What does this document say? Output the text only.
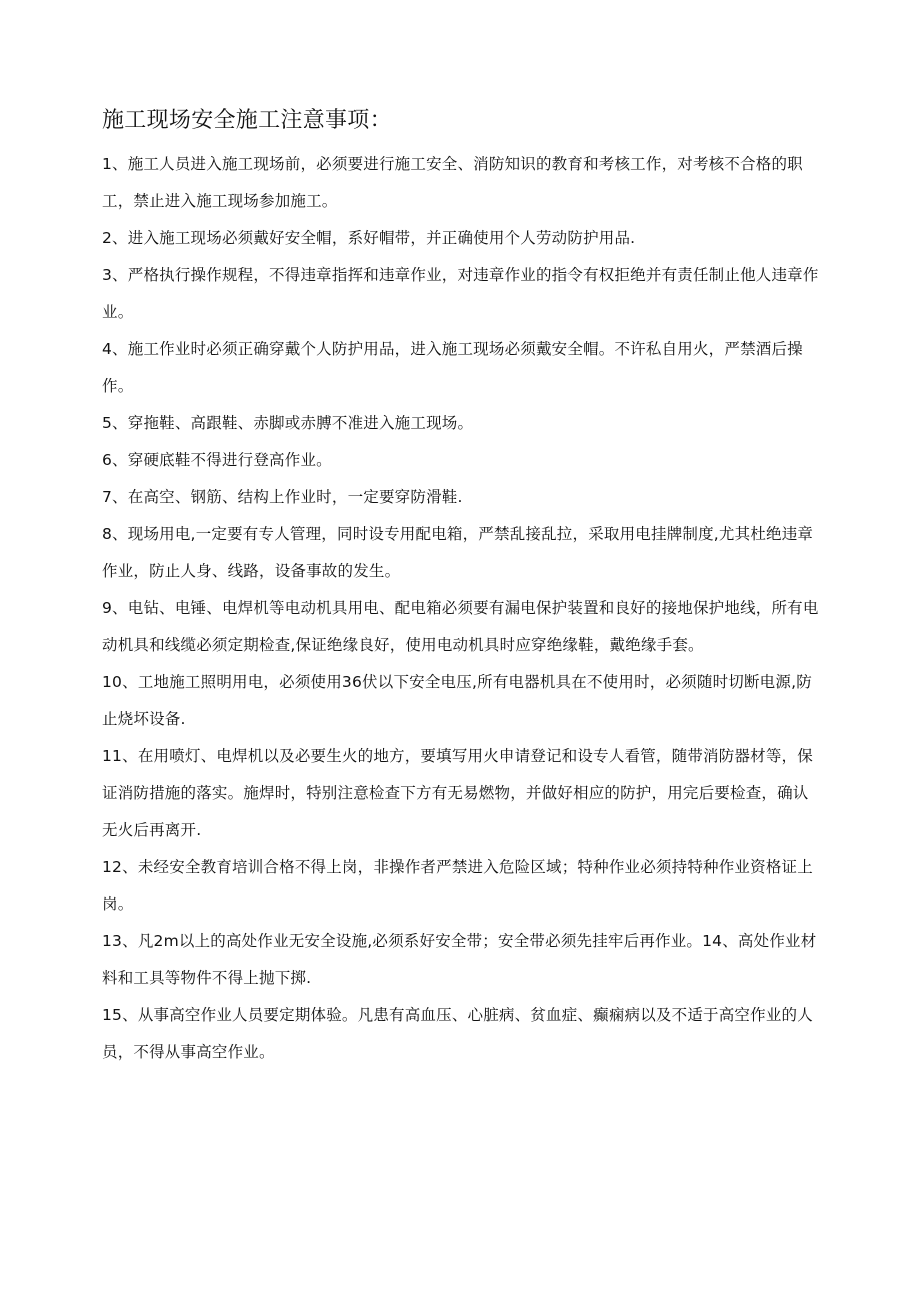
施工现场安全施工注意事项：

1、施工人员进入施工现场前，必须要进行施工安全、消防知识的教育和考核工作，对考核不合格的职工，禁止进入施工现场参加施工。

2、进入施工现场必须戴好安全帽，系好帽带，并正确使用个人劳动防护用品.

3、严格执行操作规程，不得违章指挥和违章作业，对违章作业的指令有权拒绝并有责任制止他人违章作业。

4、施工作业时必须正确穿戴个人防护用品，进入施工现场必须戴安全帽。不许私自用火，严禁酒后操作。

5、穿拖鞋、高跟鞋、赤脚或赤膊不准进入施工现场。

6、穿硬底鞋不得进行登高作业。

7、在高空、钢筋、结构上作业时，一定要穿防滑鞋.

8、现场用电,一定要有专人管理，同时设专用配电箱，严禁乱接乱拉，采取用电挂牌制度,尤其杜绝违章作业，防止人身、线路，设备事故的发生。

9、电钻、电锤、电焊机等电动机具用电、配电箱必须要有漏电保护装置和良好的接地保护地线，所有电动机具和线缆必须定期检查,保证绝缘良好，使用电动机具时应穿绝缘鞋，戴绝缘手套。

10、工地施工照明用电，必须使用36伏以下安全电压,所有电器机具在不使用时，必须随时切断电源,防止烧坏设备.

11、在用喷灯、电焊机以及必要生火的地方，要填写用火申请登记和设专人看管，随带消防器材等，保证消防措施的落实。施焊时，特别注意检查下方有无易燃物，并做好相应的防护，用完后要检查，确认无火后再离开.

12、未经安全教育培训合格不得上岗，非操作者严禁进入危险区域；特种作业必须持特种作业资格证上岗。

13、凡2m以上的高处作业无安全设施,必须系好安全带；安全带必须先挂牢后再作业。14、高处作业材料和工具等物件不得上抛下掷.

15、从事高空作业人员要定期体验。凡患有高血压、心脏病、贫血症、癫痫病以及不适于高空作业的人员，不得从事高空作业。
